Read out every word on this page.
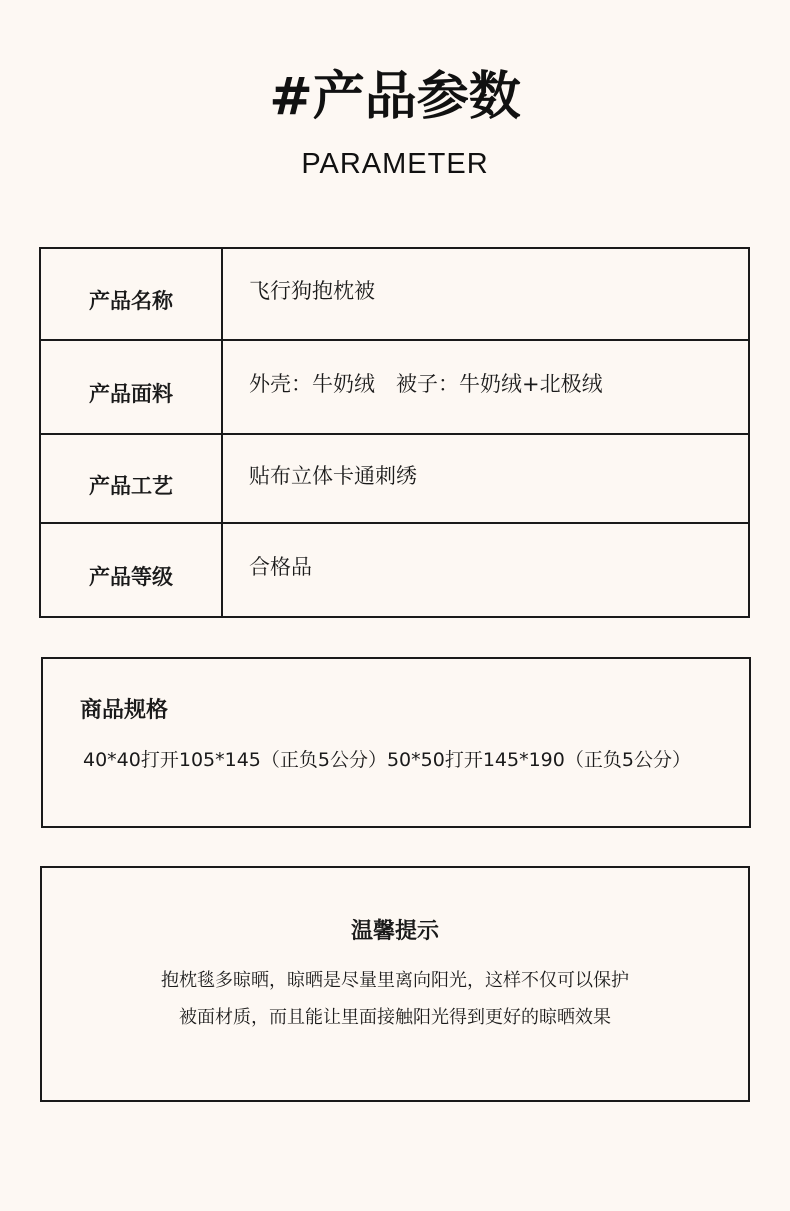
#产品参数
PARAMETER
产品名称	飞行狗抱枕被
产品面料	外壳：牛奶绒　被子：牛奶绒+北极绒
产品工艺	贴布立体卡通刺绣
产品等级	合格品
商品规格
40*40打开105*145（正负5公分）50*50打开145*190（正负5公分）
温馨提示
抱枕毯多晾晒，晾晒是尽量里离向阳光，这样不仅可以保护
被面材质，而且能让里面接触阳光得到更好的晾晒效果
